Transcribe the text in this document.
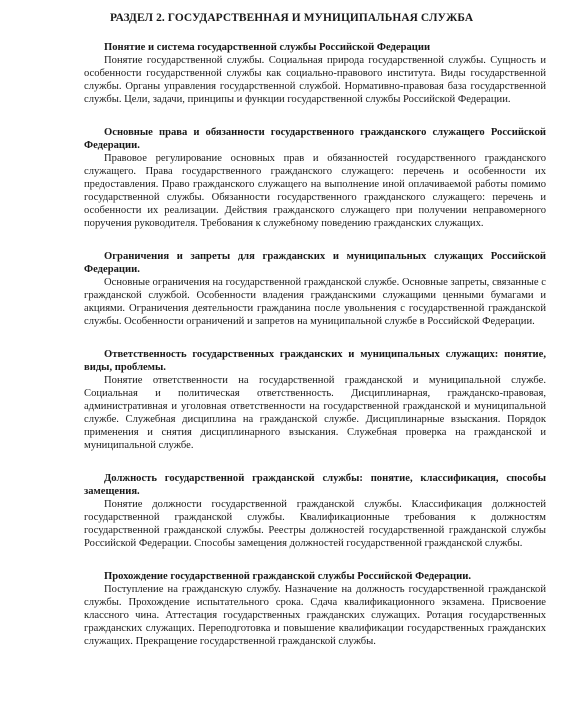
РАЗДЕЛ 2. ГОСУДАРСТВЕННАЯ И МУНИЦИПАЛЬНАЯ СЛУЖБА

Понятие и система государственной службы Российской Федерации

Понятие государственной службы. Социальная природа государственной службы. Сущность и особенности государственной службы как социально-правового института. Виды государственной службы. Органы управления государственной службой. Нормативно-правовая база государственной службы. Цели, задачи, принципы и функции государственной службы Российской Федерации.

Основные права и обязанности государственного гражданского служащего Российской Федерации.

Правовое регулирование основных прав и обязанностей государственного гражданского служащего. Права государственного гражданского служащего: перечень и особенности их предоставления. Право гражданского служащего на выполнение иной оплачиваемой работы помимо государственной службы. Обязанности государственного гражданского служащего: перечень и особенности их реализации. Действия гражданского служащего при получении неправомерного поручения руководителя. Требования к служебному поведению гражданских служащих.

Ограничения и запреты для гражданских и муниципальных служащих Российской Федерации.

Основные ограничения на государственной гражданской службе. Основные запреты, связанные с гражданской службой. Особенности владения гражданскими служащими ценными бумагами и акциями. Ограничения деятельности гражданина после увольнения с государственной гражданской службы. Особенности ограничений и запретов на муниципальной службе в Российской Федерации.

Ответственность государственных гражданских и муниципальных служащих: понятие, виды, проблемы.

Понятие ответственности на государственной гражданской и муниципальной службе. Социальная и политическая ответственность. Дисциплинарная, гражданско-правовая, административная и уголовная ответственности на государственной гражданской и муниципальной службе. Служебная дисциплина на гражданской службе. Дисциплинарные взыскания. Порядок применения и снятия дисциплинарного взыскания. Служебная проверка на гражданской и муниципальной службе.

Должность государственной гражданской службы: понятие, классификация, способы замещения.

Понятие должности государственной гражданской службы. Классификация должностей государственной гражданской службы. Квалификационные требования к должностям государственной гражданской службы. Реестры должностей государственной гражданской службы Российской Федерации. Способы замещения должностей государственной гражданской службы.

Прохождение государственной гражданской службы Российской Федерации.

Поступление на гражданскую службу. Назначение на должность государственной гражданской службы. Прохождение испытательного срока. Сдача квалификационного экзамена. Присвоение классного чина. Аттестация государственных гражданских служащих. Ротация государственных гражданских служащих. Переподготовка и повышение квалификации государственных гражданских служащих. Прекращение государственной гражданской службы.
